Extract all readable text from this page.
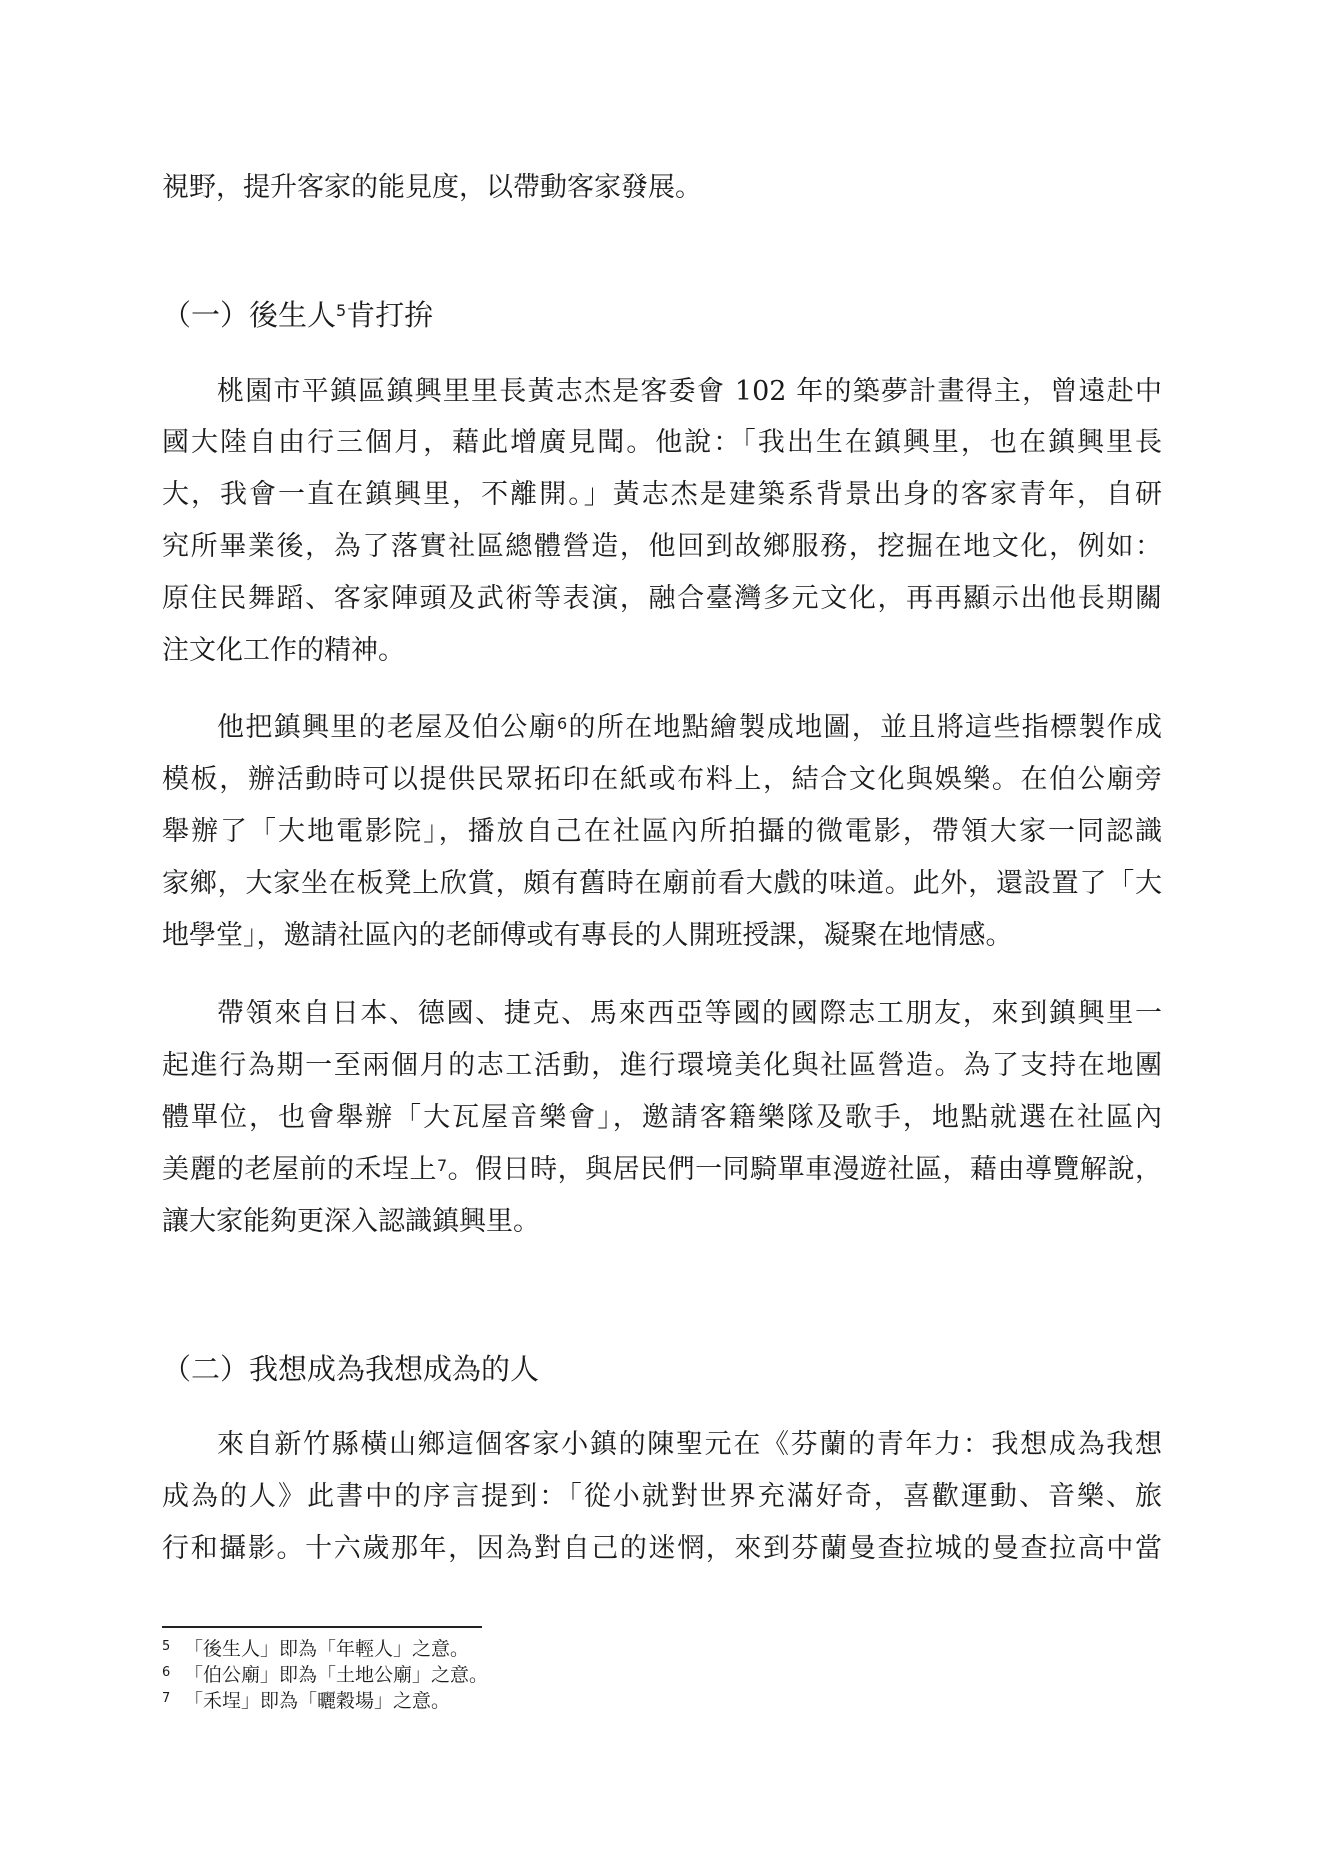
視野，提升客家的能見度，以帶動客家發展。
（一）後生人$^5$肯打拚
桃園市平鎮區鎮興里里長黃志杰是客委會 102 年的築夢計畫得主，曾遠赴中
國大陸自由行三個月，藉此增廣見聞。他說：「我出生在鎮興里，也在鎮興里長
大，我會一直在鎮興里，不離開。」黃志杰是建築系背景出身的客家青年，自研
究所畢業後，為了落實社區總體營造，他回到故鄉服務，挖掘在地文化，例如：
原住民舞蹈、客家陣頭及武術等表演，融合臺灣多元文化，再再顯示出他長期關
注文化工作的精神。
他把鎮興里的老屋及伯公廟$^6$的所在地點繪製成地圖，並且將這些指標製作成
模板，辦活動時可以提供民眾拓印在紙或布料上，結合文化與娛樂。在伯公廟旁
舉辦了「大地電影院」，播放自己在社區內所拍攝的微電影，帶領大家一同認識
家鄉，大家坐在板凳上欣賞，頗有舊時在廟前看大戲的味道。此外，還設置了「大
地學堂」，邀請社區內的老師傅或有專長的人開班授課，凝聚在地情感。
帶領來自日本、德國、捷克、馬來西亞等國的國際志工朋友，來到鎮興里一
起進行為期一至兩個月的志工活動，進行環境美化與社區營造。為了支持在地團
體單位，也會舉辦「大瓦屋音樂會」，邀請客籍樂隊及歌手，地點就選在社區內
美麗的老屋前的禾埕上$^7$。假日時，與居民們一同騎單車漫遊社區，藉由導覽解說，
讓大家能夠更深入認識鎮興里。
（二）我想成為我想成為的人
來自新竹縣橫山鄉這個客家小鎮的陳聖元在《芬蘭的青年力：我想成為我想
成為的人》此書中的序言提到：「從小就對世界充滿好奇，喜歡運動、音樂、旅
行和攝影。十六歲那年，因為對自己的迷惘，來到芬蘭曼查拉城的曼查拉高中當
5 「後生人」即為「年輕人」之意。
6 「伯公廟」即為「土地公廟」之意。
7 「禾埕」即為「曬穀場」之意。
